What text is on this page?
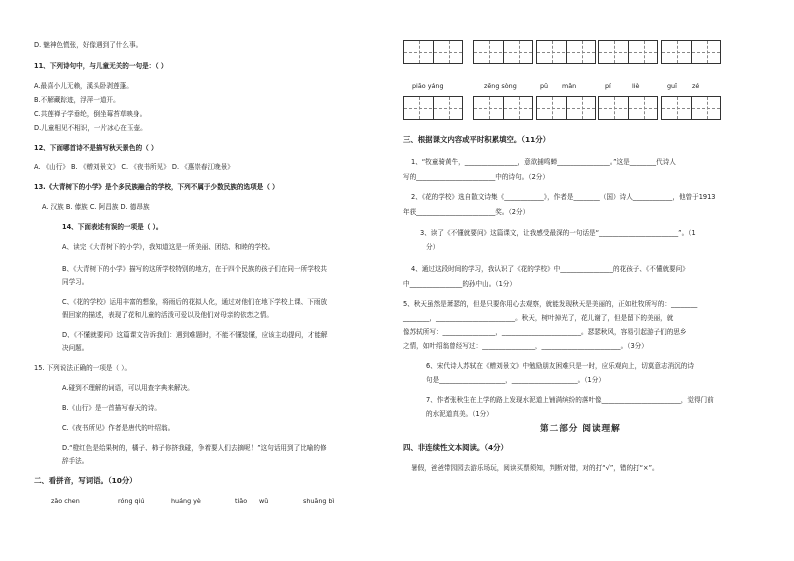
D. 魅神色慌张，好像遇到了什么事。
11、下列诗句中，与儿童无关的一句是：（ ）
A.最喜小儿无赖，溪头卧剥莲蓬。
B.不解藏踪迹，浮萍一道开。
C.共莲禅子学垂纶，倒坐莓苔草映身。
D.儿童相见不相识，一片冰心在玉壶。
12、下面哪首诗不是描写秋天景色的（ ）
A. 《山行》 B. 《赠刘景文》 C. 《夜书所见》 D. 《惠崇春江晚景》
13.《大青树下的小学》是个多民族融合的学校，下列不属于少数民族的选项是（ ）
A. 汉族 B. 傣族 C. 阿昌族 D. 德昂族
14、下面表述有误的一项是（ ）。
A、读完《大青树下的小学》，我知道这是一所美丽、团结、和睦的学校。
B、《大青树下的小学》描写的这所学校特别的地方，在于四个民族的孩子们在同一所学校共
同学习。
C、《花的学校》运用丰富的想象，将雨后的花拟人化，通过对他们在地下学校上课、下雨放
假回家的描述，表现了花和儿童的活泼可爱以及他们对母亲的依恋之情。
D、《不懂就要问》这篇课文告诉我们：遇到难题时，不能不懂装懂，应该主动提问，才能解
决问题。
15. 下列说法正确的一项是（ ）。
A.碰到不理解的词语，可以用查字典来解决。
B.《山行》是一首描写春天的诗。
C.《夜书所见》作者是唐代的叶绍翁。
D.“橙红色是给果树的，橘子、柿子你挤我碰，争着要人们去摘呢！”这句话用到了比喻的修
辞手法。
二、看拼音，写词语。（10分）
zǎo chen	róng qiú	huáng yè	tiǎo wǔ	shuāng bì
piāo yáng	zēng sòng	pū mǎn	pí	liè	guī zé
三、根据课文内容或平时积累填空。（11分）
1、“牧童骑黄牛，________________，意欲捕鸣蝉________________。”这是________代诗人
写的________________________中的诗句。（2分）
2、《花的学校》选自散文诗集《____________》，作者是________（国）诗人____________，他曾于1913
年获________________________奖。（2分）
3、读了《不懂就要问》这篇课文，让我感受最深的一句话是“________________________”。（1
分）
4、通过这段时间的学习，我认识了《花的学校》中________________的花孩子、《不懂就要问》
中________________的孙中山。（1分）
5、秋天虽然是萧瑟的，但是只要你用心去观察，就能发现秋天是美丽的，正如杜牧所写的：________
________，________________________。秋天，树叶掉光了，花儿谢了，但是留下的美丽，就
像苏轼所写：________________，________________________。瑟瑟秋风，容易引起游子们的思乡
之情，如叶绍翁曾经写过：________________，________________________。（3分）
6、宋代诗人苏轼在《赠刘景文》中勉励朋友困难只是一时，应乐观向上，切莫意志消沉的诗
句是____________________，____________________。（1分）
7、作者张秋生在上学的路上发现水泥道上铺满缤纷的落叶像________________________，觉得门前
的水泥道真美。（1分）
第二部分 阅读理解
四、非连续性文本阅读。（4分）
暑假，爸爸带园园去游乐场玩，阅读买票须知，判断对错，对的打“√”，错的打“×”。
